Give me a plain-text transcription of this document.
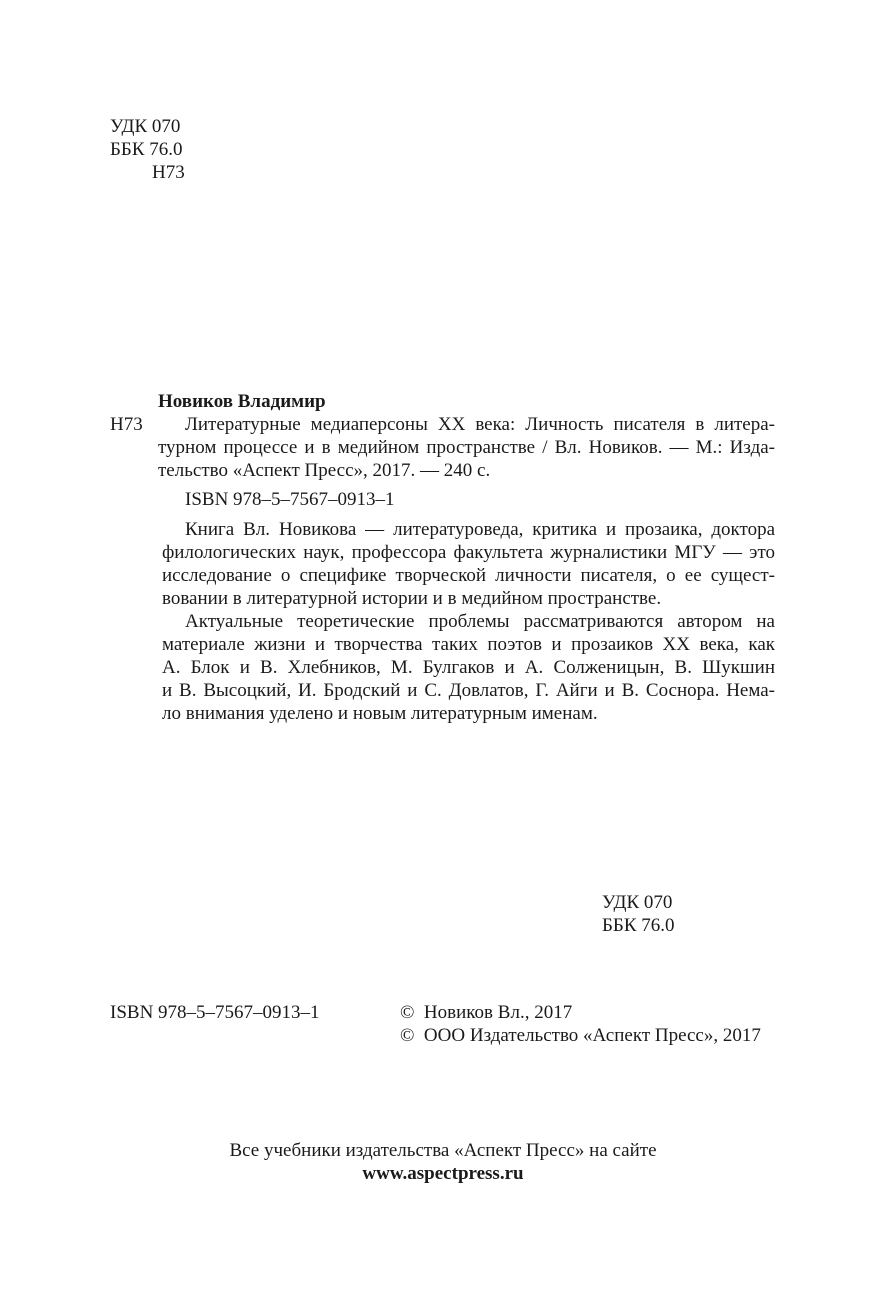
УДК 070
ББК 76.0
Н73
Новиков Владимир
Н73 Литературные медиаперсоны XX века: Личность писателя в литера-
турном процессе и в медийном пространстве / Вл. Новиков. — М.: Изда-
тельство «Аспект Пресс», 2017. — 240 с.
ISBN 978–5–7567–0913–1
Книга Вл. Новикова — литературоведа, критика и прозаика, доктора
филологических наук, профессора факультета журналистики МГУ — это
исследование о специфике творческой личности писателя, о ее сущест-
вовании в литературной истории и в медийном пространстве.
Актуальные теоретические проблемы рассматриваются автором на
материале жизни и творчества таких поэтов и прозаиков XX века, как
А. Блок и В. Хлебников, М. Булгаков и А. Солженицын, В. Шукшин
и В. Высоцкий, И. Бродский и С. Довлатов, Г. Айги и В. Соснора. Нема-
ло внимания уделено и новым литературным именам.
УДК 070
ББК 76.0
ISBN 978–5–7567–0913–1	©  Новиков Вл., 2017
©  ООО Издательство «Аспект Пресс», 2017
Все учебники издательства «Аспект Пресс» на сайте
www.aspectpress.ru
